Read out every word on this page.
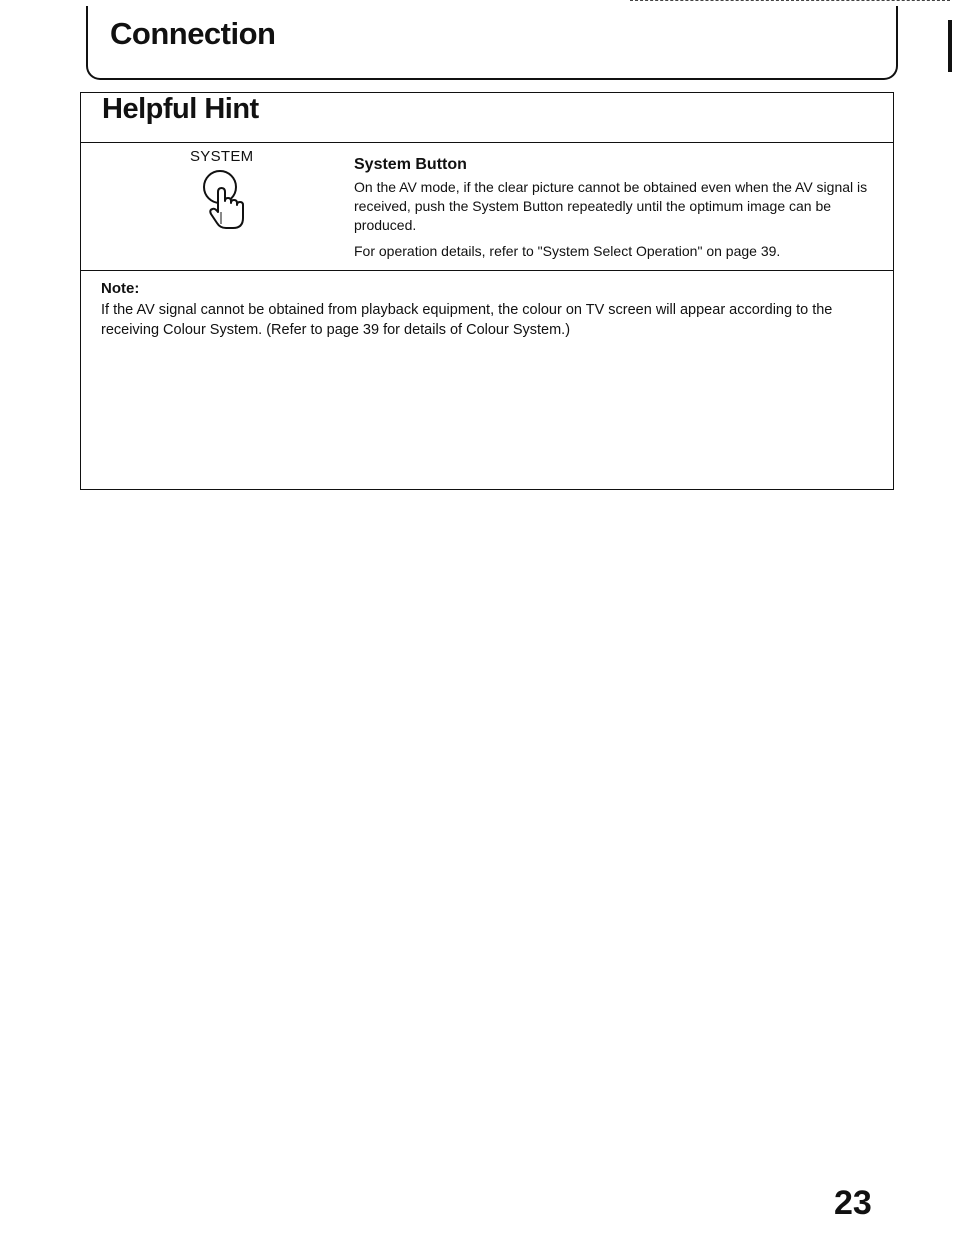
Connection
Helpful Hint
SYSTEM	System Button

On the AV mode, if the clear picture cannot be obtained even when the AV signal is received, push the System Button repeatedly until the optimum image can be produced.

For operation details, refer to "System Select Operation" on page 39.

Note:

If the AV signal cannot be obtained from playback equipment, the colour on TV screen will appear according to the receiving Colour System. (Refer to page 39 for details of Colour System.)

23
